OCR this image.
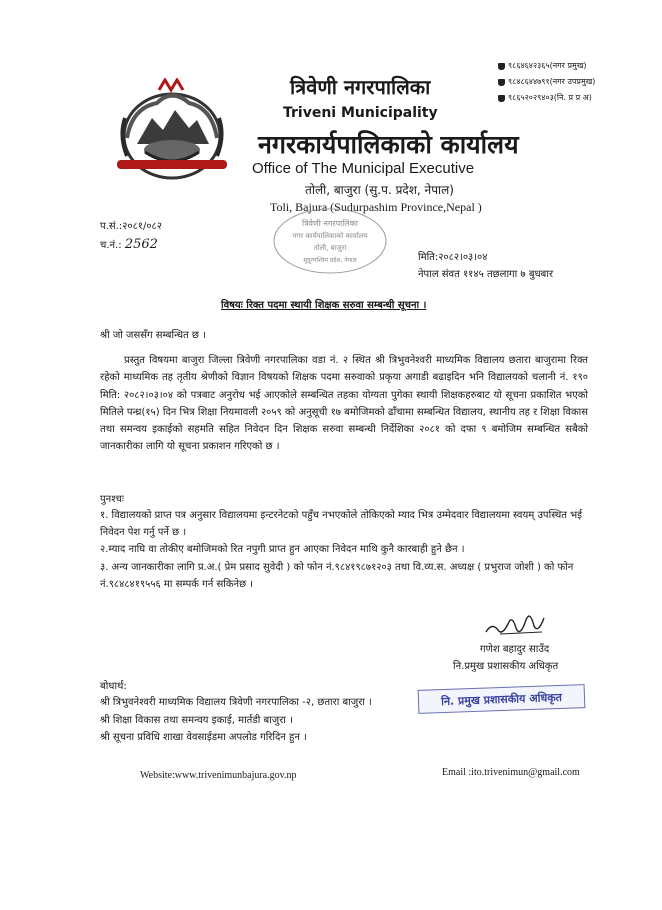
त्रिवेणी नगरपालिका
Triveni Municipality
नगरकार्यपालिकाको कार्यालय
Office of The Municipal Executive
तोली, बाजुरा (सु.प. प्रदेश, नेपाल)
Toli, Bajura (Sudurpashim Province,Nepal )
९८६४६४२३६५ (नगर प्रमुख)
९८४८६४४७९१ (नगर उपप्रमुख)
९८६५२०२९४०३ (नि. प्र प्र अ)
प.सं.:२०८१/०८२
च.नं.: 2562
त्रिवेणी नगरपालिका
नगर कार्यपालिकाको कार्यालय
तोली, बाजुरा
सुदूरपश्चिम प्रदेश, नेपाल	मिति:२०८२।०३।०४
नेपाल संवत ११४५ तछलागा ७ बुधबार
विषयः रिक्त पदमा स्थायी शिक्षक सरुवा सम्बन्धी सूचना ।
श्री जो जससँग सम्बन्धित छ ।

प्रस्तुत विषयमा बाजुरा जिल्ला त्रिवेणी नगरपालिका वडा नं. २ स्थित श्री त्रिभुवनेश्वरी माध्यमिक विद्यालय छतारा बाजुरामा रिक्त रहेको माध्यमिक तह तृतीय श्रेणीको विज्ञान विषयको शिक्षक पदमा सरुवाको प्रकृया अगाडी बढाइदिन भनि विद्यालयको चलानी नं. १९० मिति: २०८२।०३।०४ को पत्रबाट अनुरोध भई आएकोले सम्बन्धित तहका योग्यता पुगेका स्थायी शिक्षकहरुबाट यो सूचना प्रकाशित भएको मितिले पन्ध्र(१५) दिन भित्र शिक्षा नियमावली २०५९ को अनुसूची १७ बमोजिमको ढाँचामा सम्बन्धित विद्यालय, स्थानीय तह र शिक्षा विकास तथा समन्वय इकाईको सहमति सहित निवेदन दिन शिक्षक सरुवा सम्बन्धी निर्देशिका २०८१ को दफा ९ बमोजिम सम्बन्धित सबैको जानकारीका लागि यो सूचना प्रकाशन गरिएको छ ।

पुनश्चः
१. विद्यालयको प्राप्त पत्र अनुसार विद्यालयमा इन्टरनेटको पहुँच नभएकोले तोकिएको म्याद भित्र उम्मेदवार विद्यालयमा स्वयम् उपस्थित भई निवेदन पेश गर्नु पर्ने छ ।
२.म्याद नाघि वा तोकीए बमोजिमको रित नपुगी प्राप्त हुन आएका निवेदन माथि कुनै कारबाही हुने छैन ।
३. अन्य जानकारीका लागि प्र.अ.( प्रेम प्रसाद सुवेदी ) को फोन नं.९८४१९८७१२०३ तथा वि.व्य.स. अध्यक्ष ( प्रभुराज जोशी ) को फोन नं.९८४८४१९५५६ मा सम्पर्क गर्न सकिनेछ ।
गणेश बहादुर साउँद
नि.प्रमुख प्रशासकीय अधिकृत
बोधार्थ:
श्री त्रिभुवनेश्वरी माध्यमिक विद्यालय त्रिवेणी नगरपालिका -२, छतारा बाजुरा ।
श्री शिक्षा विकास तथा समन्वय इकाई, मार्तडी बाजुरा ।
श्री सूचना प्रविधि शाखा वेवसाईडमा अपलोड गरिदिन हुन ।
नि. प्रमुख प्रशासकीय अधिकृत
Website:www.trivenimunbajura.gov.np	Email :ito.trivenimun@gmail.com
